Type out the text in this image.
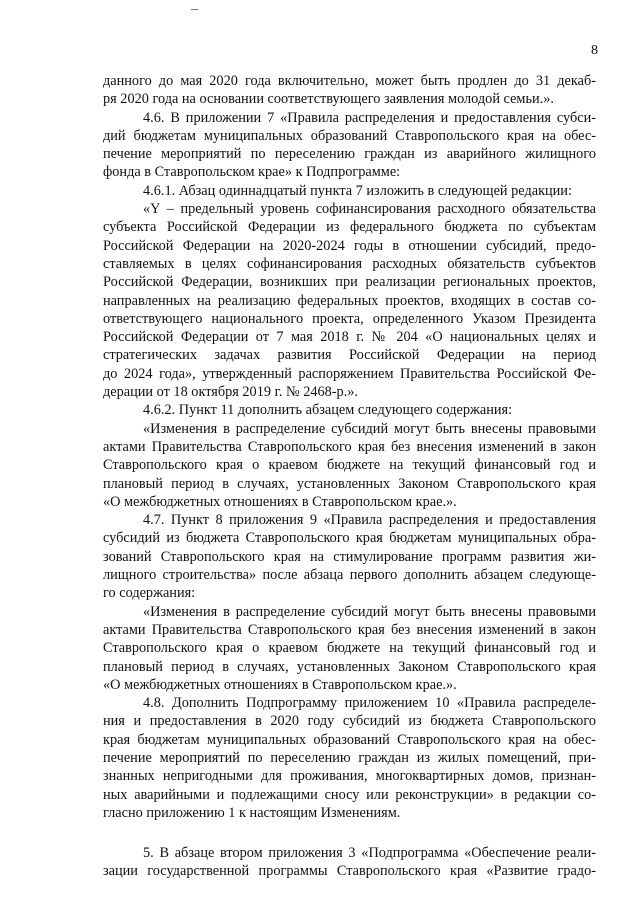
8
данного до мая 2020 года включительно, может быть продлен до 31 декаб-
ря 2020 года на основании соответствующего заявления молодой семьи.».
4.6. В приложении 7 «Правила распределения и предоставления субси-
дий бюджетам муниципальных образований Ставропольского края на обес-
печение мероприятий по переселению граждан из аварийного жилищного
фонда в Ставропольском крае» к Подпрограмме:
4.6.1. Абзац одиннадцатый пункта 7 изложить в следующей редакции:
«Y – предельный уровень софинансирования расходного обязательства
субъекта Российской Федерации из федерального бюджета по субъектам
Российской Федерации на 2020-2024 годы в отношении субсидий, предо-
ставляемых в целях софинансирования расходных обязательств субъектов
Российской Федерации, возникших при реализации региональных проектов,
направленных на реализацию федеральных проектов, входящих в состав со-
ответствующего национального проекта, определенного Указом Президента
Российской Федерации от 7 мая 2018 г. № 204 «О национальных целях и
стратегических задачах развития Российской Федерации на период
до 2024 года», утвержденный распоряжением Правительства Российской Фе-
дерации от 18 октября 2019 г. № 2468-р.».
4.6.2. Пункт 11 дополнить абзацем следующего содержания:
«Изменения в распределение субсидий могут быть внесены правовыми
актами Правительства Ставропольского края без внесения изменений в закон
Ставропольского края о краевом бюджете на текущий финансовый год и
плановый период в случаях, установленных Законом Ставропольского края
«О межбюджетных отношениях в Ставропольском крае.».
4.7. Пункт 8 приложения 9 «Правила распределения и предоставления
субсидий из бюджета Ставропольского края бюджетам муниципальных обра-
зований Ставропольского края на стимулирование программ развития жи-
лищного строительства» после абзаца первого дополнить абзацем следующе-
го содержания:
«Изменения в распределение субсидий могут быть внесены правовыми
актами Правительства Ставропольского края без внесения изменений в закон
Ставропольского края о краевом бюджете на текущий финансовый год и
плановый период в случаях, установленных Законом Ставропольского края
«О межбюджетных отношениях в Ставропольском крае.».
4.8. Дополнить Подпрограмму приложением 10 «Правила распределе-
ния и предоставления в 2020 году субсидий из бюджета Ставропольского
края бюджетам муниципальных образований Ставропольского края на обес-
печение мероприятий по переселению граждан из жилых помещений, при-
знанных непригодными для проживания, многоквартирных домов, признан-
ных аварийными и подлежащими сносу или реконструкции» в редакции со-
гласно приложению 1 к настоящим Изменениям.
5. В абзаце втором приложения 3 «Подпрограмма «Обеспечение реали-
зации государственной программы Ставропольского края «Развитие градо-
